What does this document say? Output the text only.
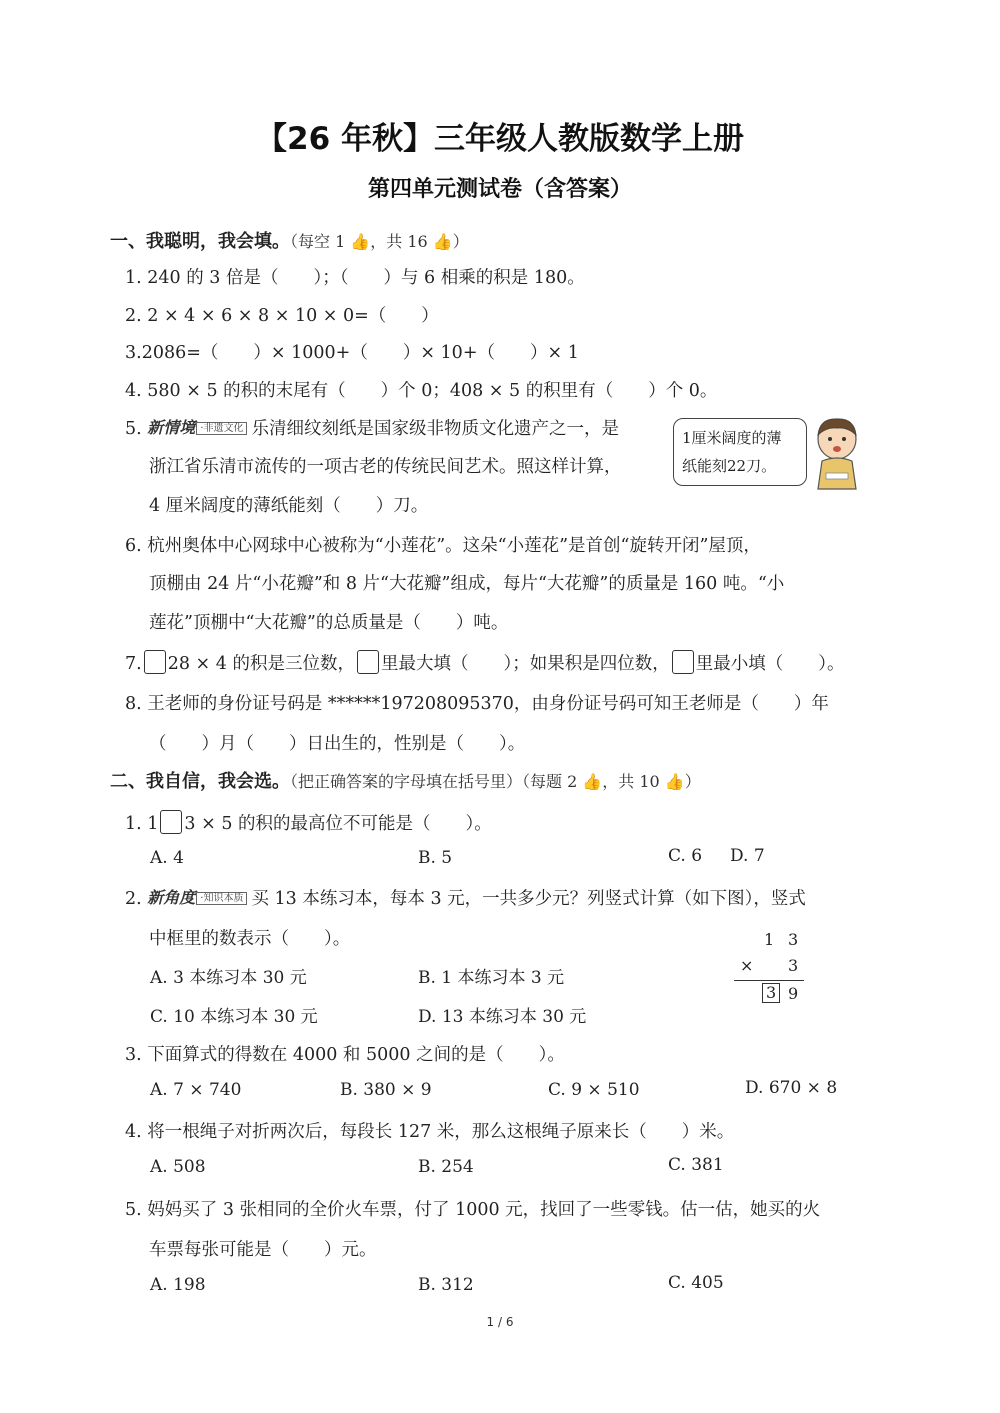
【26 年秋】三年级人教版数学上册
第四单元测试卷（含答案）
一、我聪明，我会填。（每空 1 👍，共 16 👍）
1. 240 的 3 倍是（　　）；（　　）与 6 相乘的积是 180。
2. 2 × 4 × 6 × 8 × 10 × 0=（　　）
3.2086=（　　）× 1000+（　　）× 10+（　　）× 1
4. 580 × 5 的积的末尾有（　　）个 0；408 × 5 的积里有（　　）个 0。
5. 新情境 ·非遗文化 乐清细纹刻纸是国家级非物质文化遗产之一，是
浙江省乐清市流传的一项古老的传统民间艺术。照这样计算，
4 厘米阔度的薄纸能刻（　　）刀。
1厘米阔度的薄
纸能刻22刀。
6. 杭州奥体中心网球中心被称为“小莲花”。这朵“小莲花”是首创“旋转开闭”屋顶，
顶棚由 24 片“小花瓣”和 8 片“大花瓣”组成，每片“大花瓣”的质量是 160 吨。“小
莲花”顶棚中“大花瓣”的总质量是（　　）吨。
7. 28 × 4 的积是三位数， 里最大填（　　）；如果积是四位数， 里最小填（　　）。
8. 王老师的身份证号码是 ******197208095370，由身份证号码可知王老师是（　　）年
（　　）月（　　）日出生的，性别是（　　）。
二、我自信，我会选。（把正确答案的字母填在括号里）（每题 2 👍，共 10 👍）
1. 1 3 × 5 的积的最高位不可能是（　　）。
A. 4	B. 5	C. 6 D. 7
2. 新角度 ·知识本质 买 13 本练习本，每本 3 元，一共多少元？列竖式计算（如下图），竖式
中框里的数表示（　　）。
A. 3 本练习本 30 元	B. 1 本练习本 3 元
C. 10 本练习本 30 元	D. 13 本练习本 30 元
1 3
× 3
3 9
3. 下面算式的得数在 4000 和 5000 之间的是（　　）。
A. 7 × 740	B. 380 × 9	C. 9 × 510	D. 670 × 8
4. 将一根绳子对折两次后，每段长 127 米，那么这根绳子原来长（　　）米。
A. 508	B. 254	C. 381
5. 妈妈买了 3 张相同的全价火车票，付了 1000 元，找回了一些零钱。估一估，她买的火
车票每张可能是（　　）元。
A. 198	B. 312	C. 405
1 / 6
